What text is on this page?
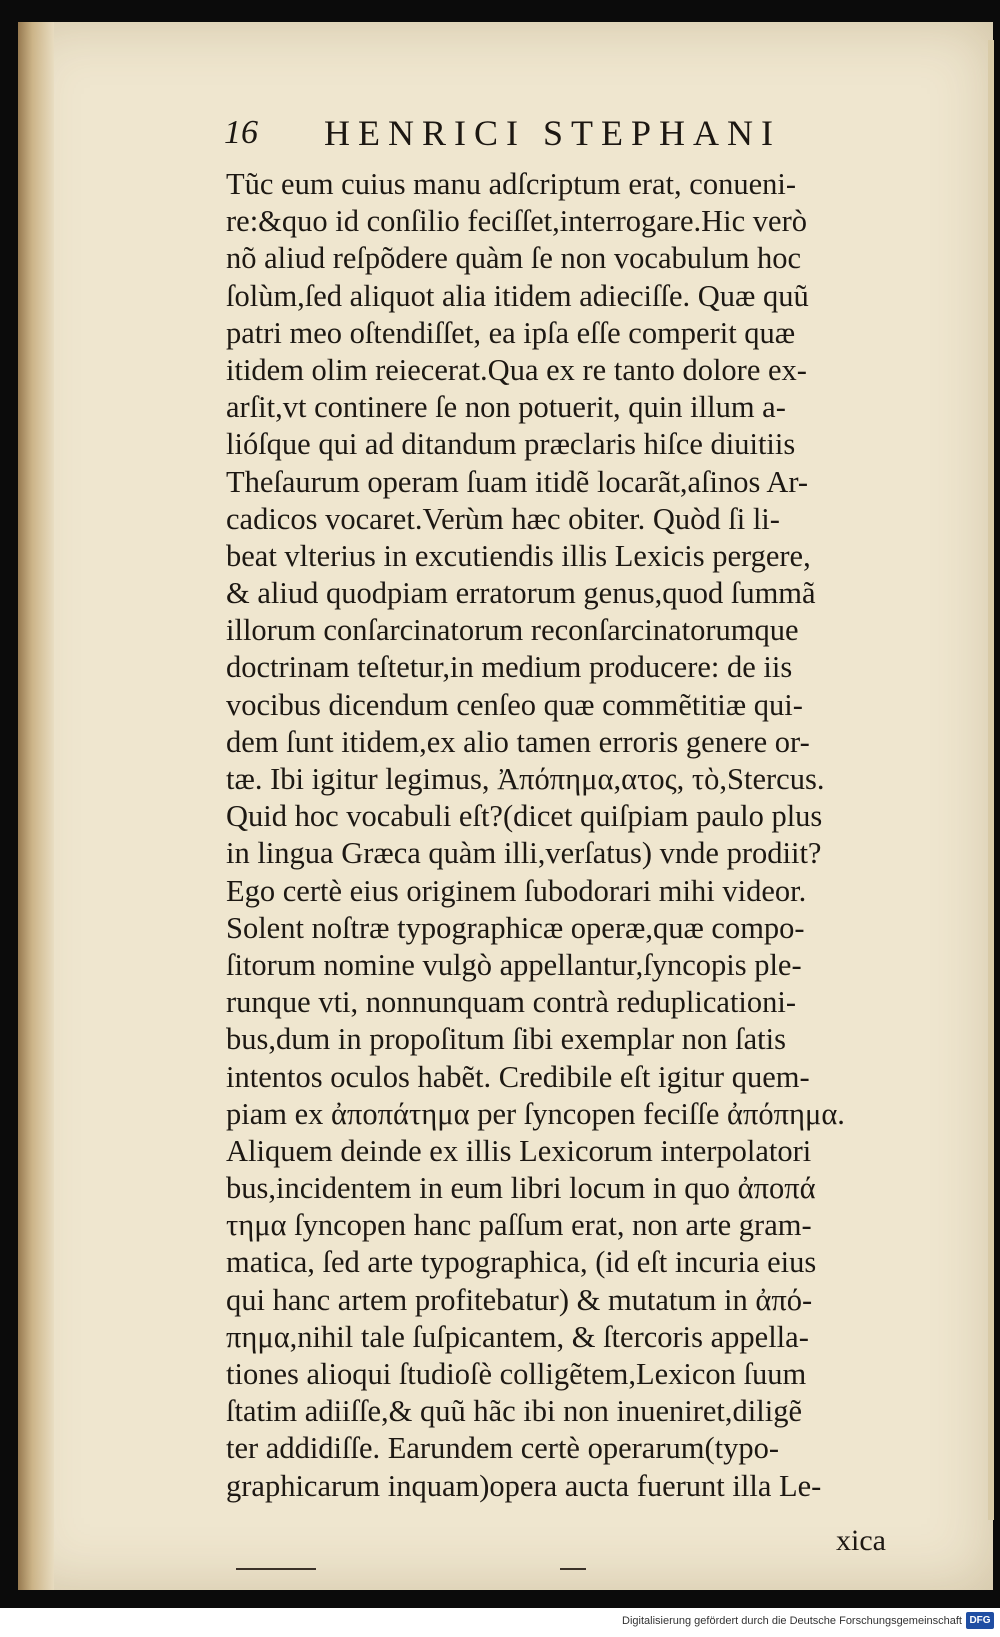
16 HENRICI STEPHANI
Tũc eum cuius manu adſcriptum erat, conueni-
re:&quo id conſilio feciſſet,interrogare.Hic verò
nõ aliud reſpõdere quàm ſe non vocabulum hoc
ſolùm,ſed aliquot alia itidem adieciſſe. Quæ quũ
patri meo oſtendiſſet, ea ipſa eſſe comperit quæ
itidem olim reiecerat.Qua ex re tanto dolore ex-
arſit,vt continere ſe non potuerit, quin illum a-
lióſque qui ad ditandum præclaris hiſce diuitiis
Theſaurum operam ſuam itidẽ locarãt,aſinos Ar-
cadicos vocaret.Verùm hæc obiter. Quòd ſi li-
beat vlterius in excutiendis illis Lexicis pergere,
& aliud quodpiam erratorum genus,quod ſummã
illorum conſarcinatorum reconſarcinatorumque
doctrinam teſtetur,in medium producere: de iis
vocibus dicendum cenſeo quæ commẽtitiæ qui-
dem ſunt itidem,ex alio tamen erroris genere or-
tæ. Ibi igitur legimus, Ἀπόπημα,ατος, τὸ,Stercus.
Quid hoc vocabuli eſt?(dicet quiſpiam paulo plus
in lingua Græca quàm illi,verſatus) vnde prodiit?
Ego certè eius originem ſubodorari mihi videor.
Solent noſtræ typographicæ operæ,quæ compo-
ſitorum nomine vulgò appellantur,ſyncopis ple-
runque vti, nonnunquam contrà reduplicationi-
bus,dum in propoſitum ſibi exemplar non ſatis
intentos oculos habẽt. Credibile eſt igitur quem-
piam ex ἀποπάτημα per ſyncopen feciſſe ἀπόπημα.
Aliquem deinde ex illis Lexicorum interpolatori
bus,incidentem in eum libri locum in quo ἀποπά
τημα ſyncopen hanc paſſum erat, non arte gram-
matica, ſed arte typographica, (id eſt incuria eius
qui hanc artem profitebatur) & mutatum in ἀπό-
πημα,nihil tale ſuſpicantem, & ſtercoris appella-
tiones alioqui ſtudioſè colligẽtem,Lexicon ſuum
ſtatim adiiſſe,& quũ hãc ibi non inueniret,diligẽ
ter addidiſſe. Earundem certè operarum(typo-
graphicarum inquam)opera aucta fuerunt illa Le-
xica
Digitalisierung gefördert durch die Deutsche Forschungsgemeinschaft DFG
